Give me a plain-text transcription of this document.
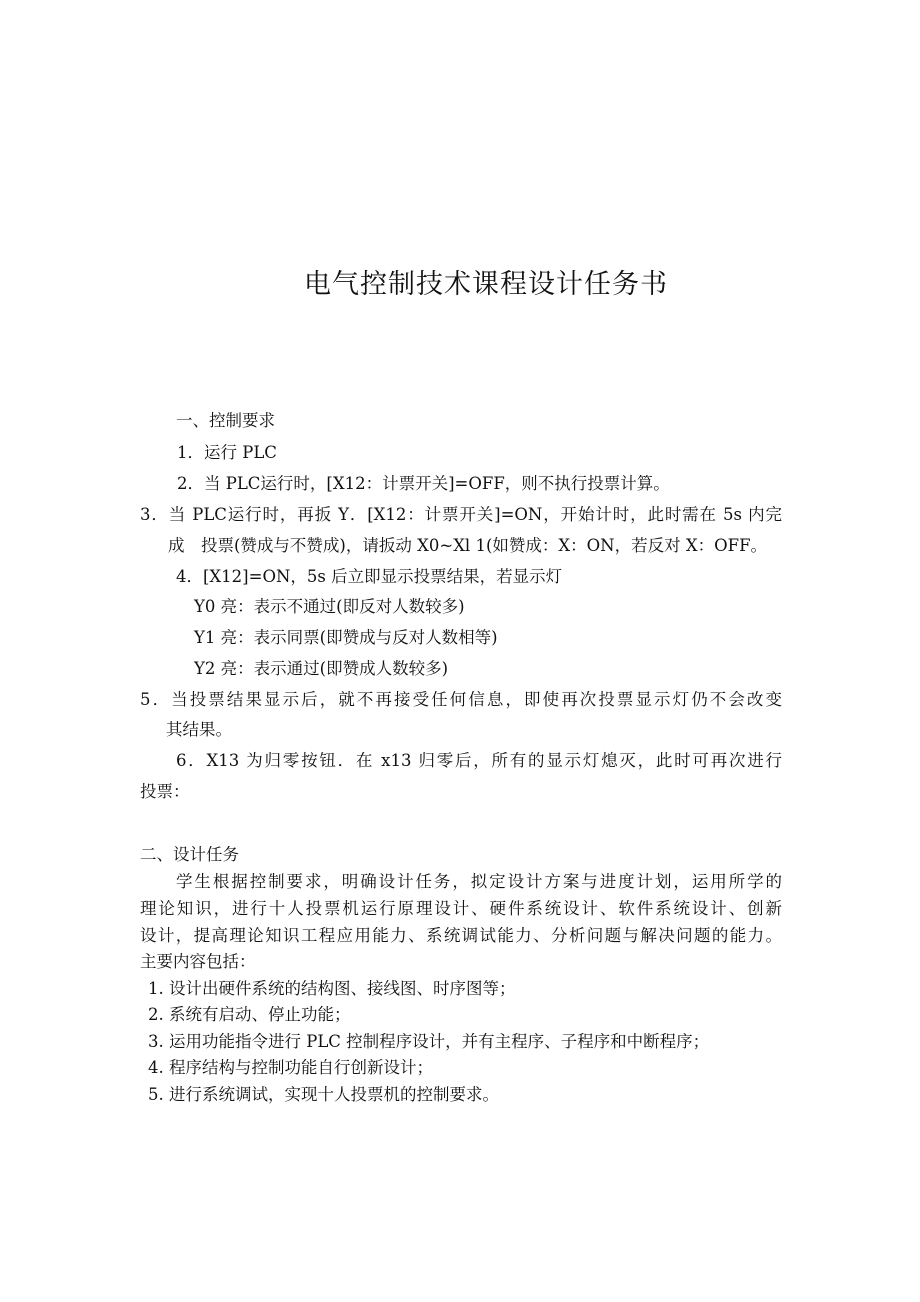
电气控制技术课程设计任务书
一、控制要求
1．运行 PLC
2．当 PLC运行时，[X12：计票开关]=OFF，则不执行投票计算。
3．当 PLC运行时，再扳 Y．[X12：计票开关]=ON，开始计时，此时需在 5s 内完
成　投票(赞成与不赞成)，请扳动 X0~Xl 1(如赞成：X：ON，若反对 X：OFF。
4．[X12]=ON，5s 后立即显示投票结果，若显示灯
Y0 亮：表示不通过(即反对人数较多)
Y1 亮：表示同票(即赞成与反对人数相等)
Y2 亮：表示通过(即赞成人数较多)
5．当投票结果显示后，就不再接受任何信息，即使再次投票显示灯仍不会改变
其结果。
6．X13 为归零按钮．在 x13 归零后，所有的显示灯熄灭，此时可再次进行
投票：
二、设计任务
学生根据控制要求，明确设计任务，拟定设计方案与进度计划，运用所学的
理论知识，进行十人投票机运行原理设计、硬件系统设计、软件系统设计、创新
设计，提高理论知识工程应用能力、系统调试能力、分析问题与解决问题的能力。
主要内容包括：
1. 设计出硬件系统的结构图、接线图、时序图等；
2. 系统有启动、停止功能；
3. 运用功能指令进行 PLC 控制程序设计，并有主程序、子程序和中断程序；
4. 程序结构与控制功能自行创新设计；
5. 进行系统调试，实现十人投票机的控制要求。
